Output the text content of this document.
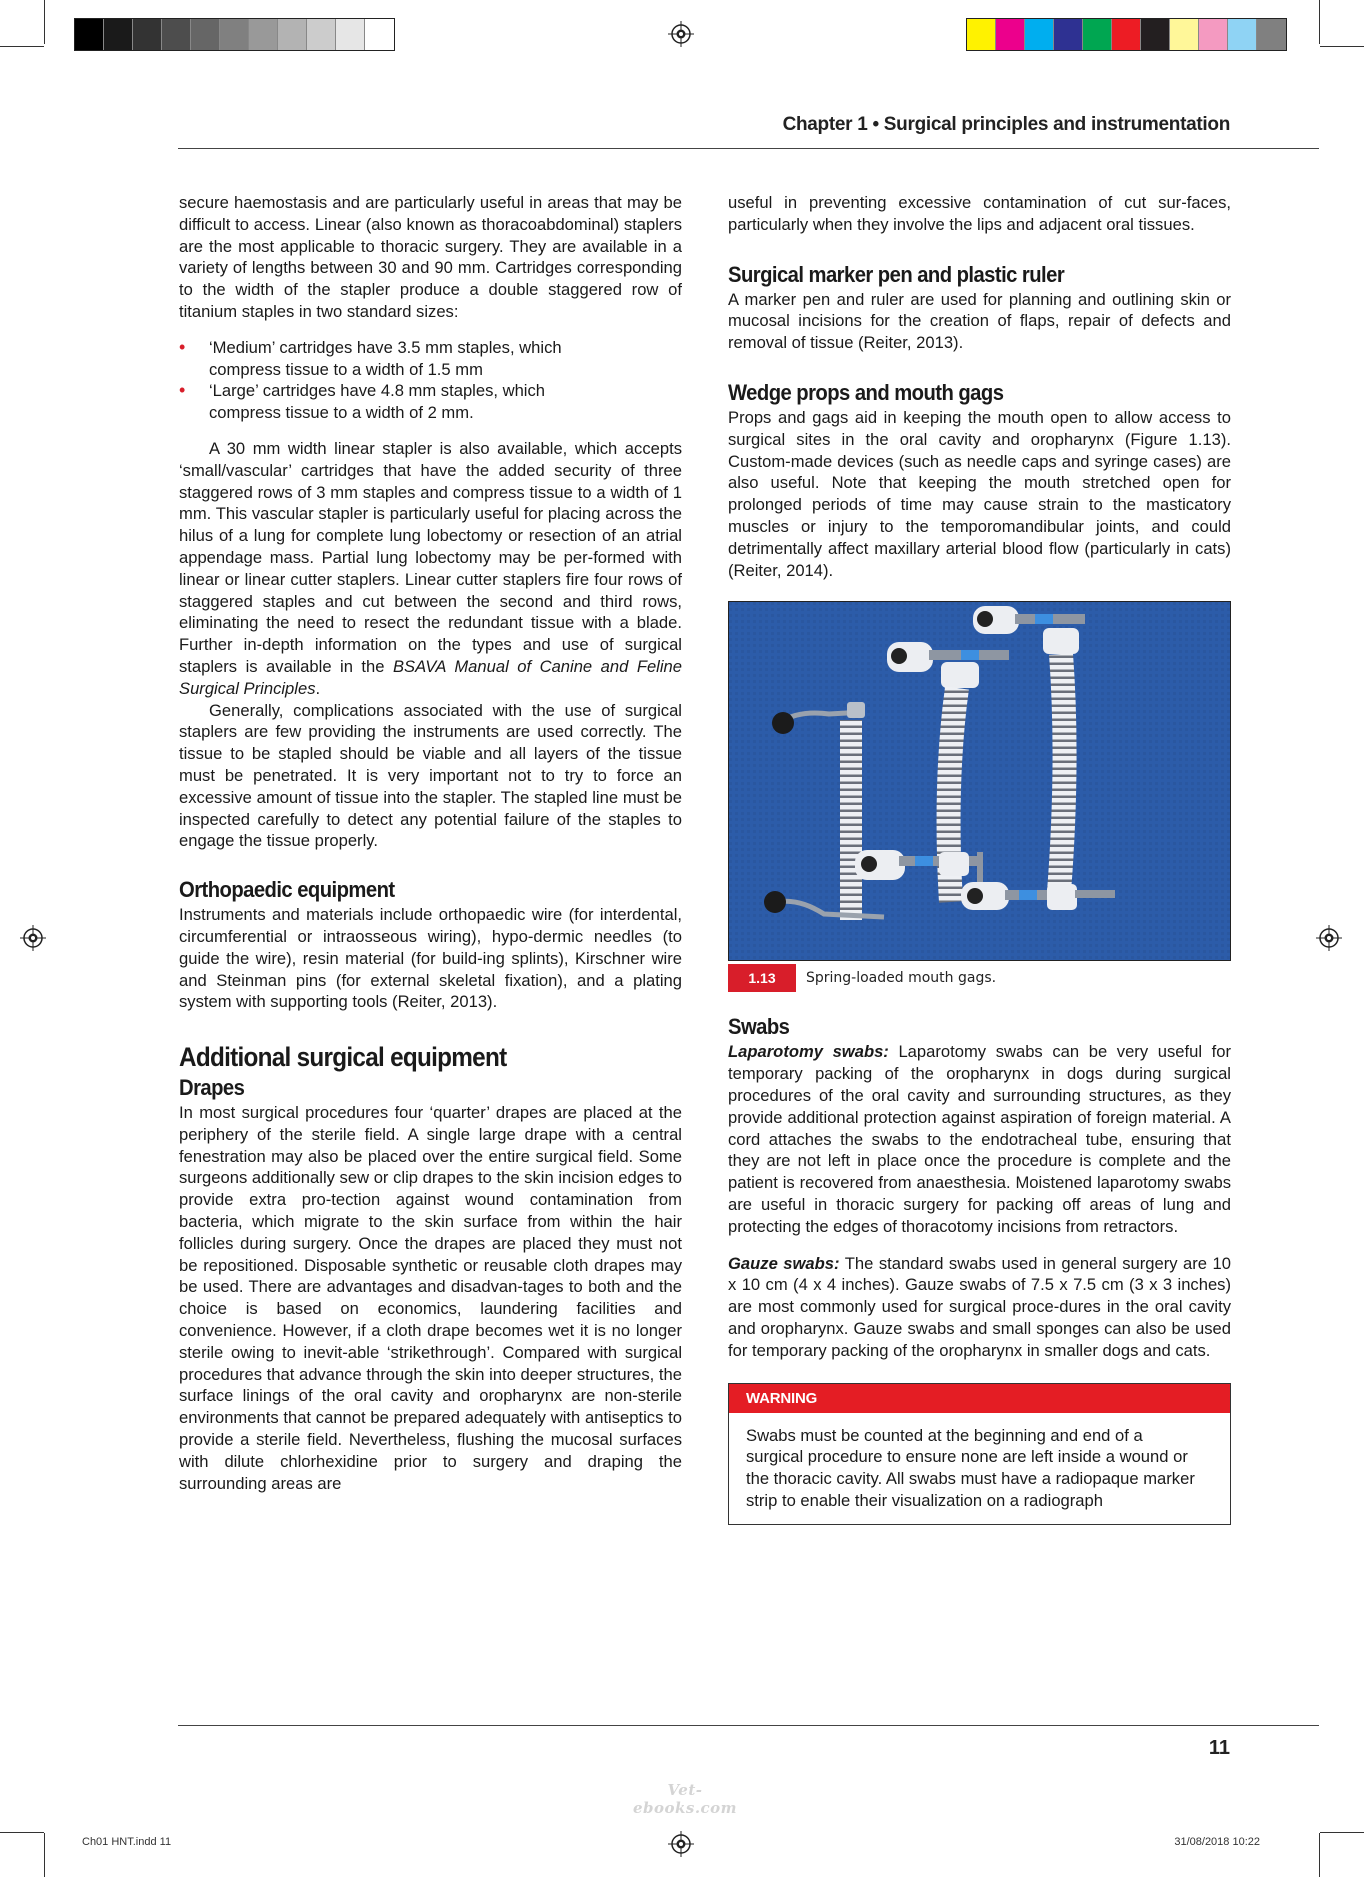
Chapter 1 • Surgical principles and instrumentation

secure haemostasis and are particularly useful in areas that may be difficult to access. Linear (also known as thoracoabdominal) staplers are the most applicable to thoracic surgery. They are available in a variety of lengths between 30 and 90 mm. Cartridges corresponding to the width of the stapler produce a double staggered row of titanium staples in two standard sizes:

• ‘Medium’ cartridges have 3.5 mm staples, which
compress tissue to a width of 1.5 mm
• ‘Large’ cartridges have 4.8 mm staples, which
compress tissue to a width of 2 mm.

A 30 mm width linear stapler is also available, which accepts ‘small/vascular’ cartridges that have the added security of three staggered rows of 3 mm staples and compress tissue to a width of 1 mm. This vascular stapler is particularly useful for placing across the hilus of a lung for complete lung lobectomy or resection of an atrial appendage mass. Partial lung lobectomy may be per-formed with linear or linear cutter staplers. Linear cutter staplers fire four rows of staggered staples and cut between the second and third rows, eliminating the need to resect the redundant tissue with a blade. Further in-depth information on the types and use of surgical staplers is available in the BSAVA Manual of Canine and Feline Surgical Principles.

Generally, complications associated with the use of surgical staplers are few providing the instruments are used correctly. The tissue to be stapled should be viable and all layers of the tissue must be penetrated. It is very important not to try to force an excessive amount of tissue into the stapler. The stapled line must be inspected carefully to detect any potential failure of the staples to engage the tissue properly.

Orthopaedic equipment

Instruments and materials include orthopaedic wire (for interdental, circumferential or intraosseous wiring), hypo-dermic needles (to guide the wire), resin material (for build-ing splints), Kirschner wire and Steinman pins (for external skeletal fixation), and a plating system with supporting tools (Reiter, 2013).

Additional surgical equipment
Drapes

In most surgical procedures four ‘quarter’ drapes are placed at the periphery of the sterile field. A single large drape with a central fenestration may also be placed over the entire surgical field. Some surgeons additionally sew or clip drapes to the skin incision edges to provide extra pro-tection against wound contamination from bacteria, which migrate to the skin surface from within the hair follicles during surgery. Once the drapes are placed they must not be repositioned. Disposable synthetic or reusable cloth drapes may be used. There are advantages and disadvan-tages to both and the choice is based on economics, laundering facilities and convenience. However, if a cloth drape becomes wet it is no longer sterile owing to inevit-able ‘strikethrough’. Compared with surgical procedures that advance through the skin into deeper structures, the surface linings of the oral cavity and oropharynx are non-sterile environments that cannot be prepared adequately with antiseptics to provide a sterile field. Nevertheless, flushing the mucosal surfaces with dilute chlorhexidine prior to surgery and draping the surrounding areas are

useful in preventing excessive contamination of cut sur-faces, particularly when they involve the lips and adjacent oral tissues.

Surgical marker pen and plastic ruler

A marker pen and ruler are used for planning and outlining skin or mucosal incisions for the creation of flaps, repair of defects and removal of tissue (Reiter, 2013).

Wedge props and mouth gags

Props and gags aid in keeping the mouth open to allow access to surgical sites in the oral cavity and oropharynx (Figure 1.13). Custom-made devices (such as needle caps and syringe cases) are also useful. Note that keeping the mouth stretched open for prolonged periods of time may cause strain to the masticatory muscles or injury to the temporomandibular joints, and could detrimentally affect maxillary arterial blood flow (particularly in cats) (Reiter, 2014).

1.13	Spring-loaded mouth gags.
Swabs

Laparotomy swabs: Laparotomy swabs can be very useful for temporary packing of the oropharynx in dogs during surgical procedures of the oral cavity and surrounding structures, as they provide additional protection against aspiration of foreign material. A cord attaches the swabs to the endotracheal tube, ensuring that they are not left in place once the procedure is complete and the patient is recovered from anaesthesia. Moistened laparotomy swabs are useful in thoracic surgery for packing off areas of lung and protecting the edges of thoracotomy incisions from retractors.

Gauze swabs: The standard swabs used in general surgery are 10 x 10 cm (4 x 4 inches). Gauze swabs of 7.5 x 7.5 cm (3 x 3 inches) are most commonly used for surgical proce-dures in the oral cavity and oropharynx. Gauze swabs and small sponges can also be used for temporary packing of the oropharynx in smaller dogs and cats.

WARNING
Swabs must be counted at the beginning and end of a surgical procedure to ensure none are left inside a wound or the thoracic cavity. All swabs must have a radiopaque marker strip to enable their visualization on a radiograph
11
Vet-ebooks.com
Ch01 HNT.indd 11	31/08/2018 10:22
